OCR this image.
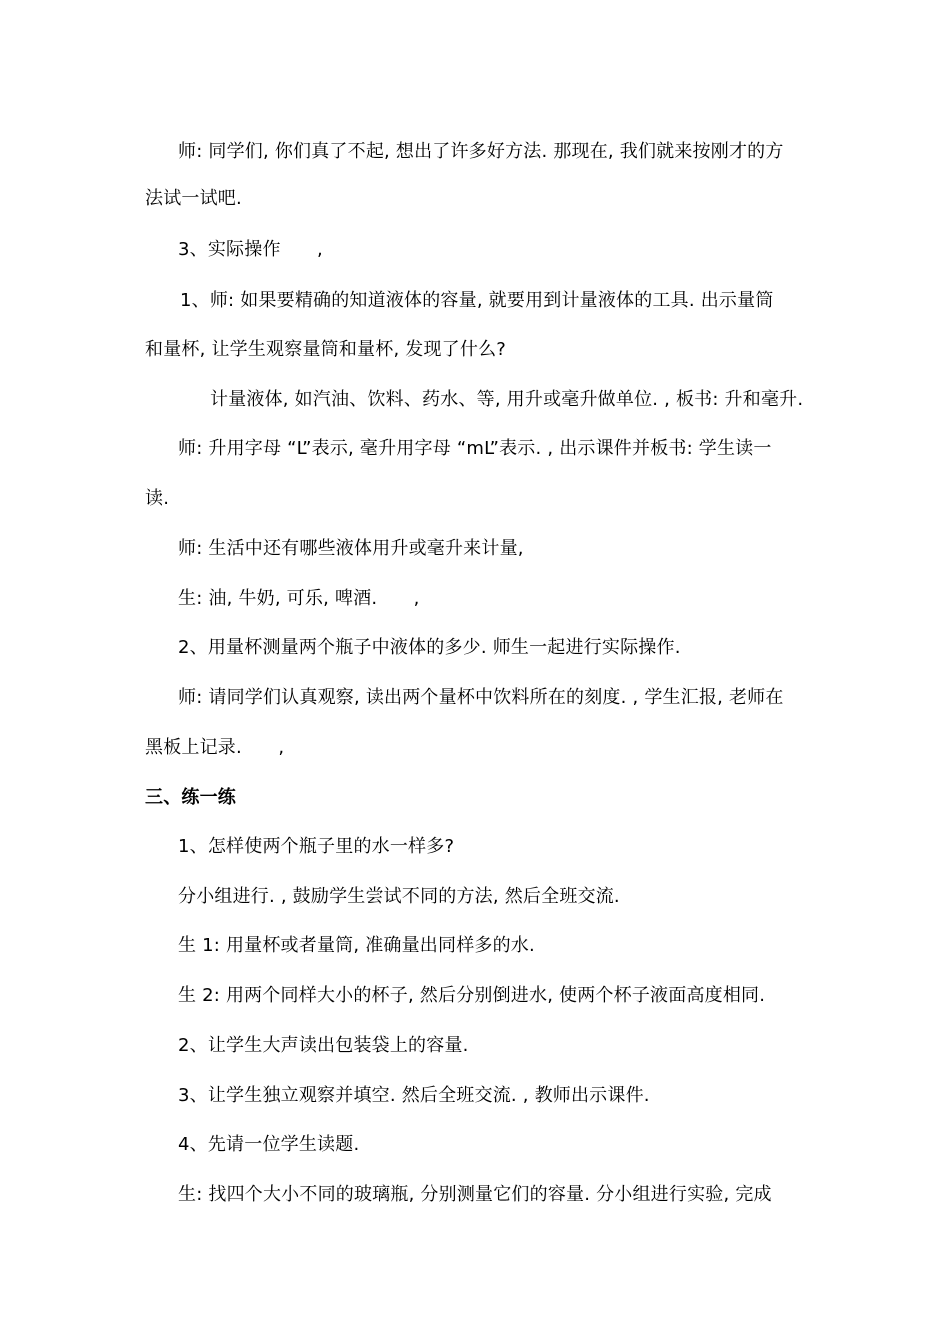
师: 同学们, 你们真了不起, 想出了许多好方法. 那现在, 我们就来按刚才的方
法试一试吧.
3、实际操作　　,
1、师: 如果要精确的知道液体的容量, 就要用到计量液体的工具. 出示量筒
和量杯, 让学生观察量筒和量杯, 发现了什么?
计量液体, 如汽油、饮料、药水、等, 用升或毫升做单位. , 板书: 升和毫升.
师: 升用字母 “L”表示, 毫升用字母 “mL”表示. , 出示课件并板书: 学生读一
读.
师: 生活中还有哪些液体用升或毫升来计量,
生: 油, 牛奶, 可乐, 啤酒.　　,
2、用量杯测量两个瓶子中液体的多少. 师生一起进行实际操作.
师: 请同学们认真观察, 读出两个量杯中饮料所在的刻度. , 学生汇报, 老师在
黑板上记录.　　,
三、练一练
1、怎样使两个瓶子里的水一样多?
分小组进行. , 鼓励学生尝试不同的方法, 然后全班交流.
生 1: 用量杯或者量筒, 准确量出同样多的水.
生 2: 用两个同样大小的杯子, 然后分别倒进水, 使两个杯子液面高度相同.
2、让学生大声读出包装袋上的容量.
3、让学生独立观察并填空. 然后全班交流. , 教师出示课件.
4、先请一位学生读题.
生: 找四个大小不同的玻璃瓶, 分别测量它们的容量. 分小组进行实验, 完成
